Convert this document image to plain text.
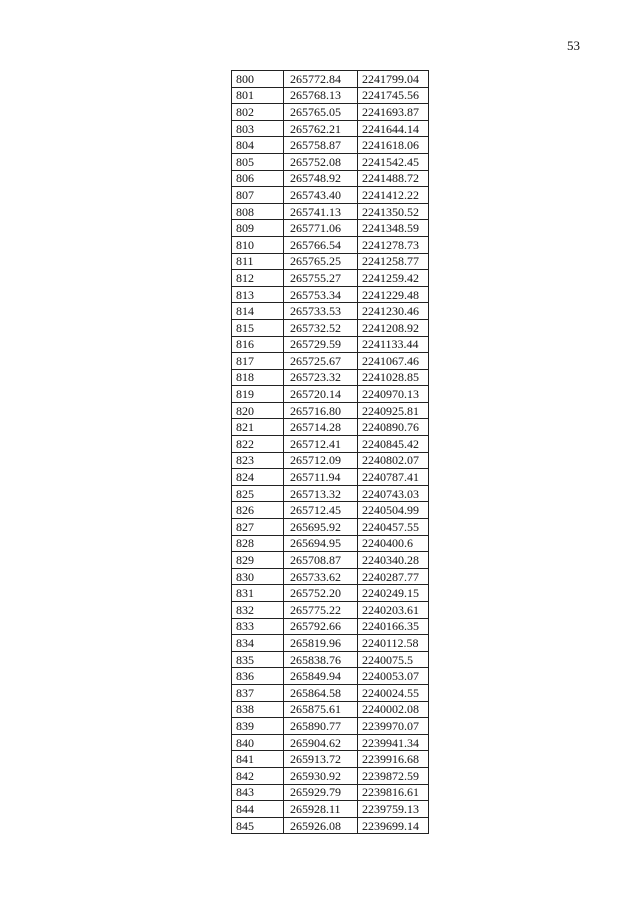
53
800	265772.84	2241799.04
801	265768.13	2241745.56
802	265765.05	2241693.87
803	265762.21	2241644.14
804	265758.87	2241618.06
805	265752.08	2241542.45
806	265748.92	2241488.72
807	265743.40	2241412.22
808	265741.13	2241350.52
809	265771.06	2241348.59
810	265766.54	2241278.73
811	265765.25	2241258.77
812	265755.27	2241259.42
813	265753.34	2241229.48
814	265733.53	2241230.46
815	265732.52	2241208.92
816	265729.59	2241133.44
817	265725.67	2241067.46
818	265723.32	2241028.85
819	265720.14	2240970.13
820	265716.80	2240925.81
821	265714.28	2240890.76
822	265712.41	2240845.42
823	265712.09	2240802.07
824	265711.94	2240787.41
825	265713.32	2240743.03
826	265712.45	2240504.99
827	265695.92	2240457.55
828	265694.95	2240400.6
829	265708.87	2240340.28
830	265733.62	2240287.77
831	265752.20	2240249.15
832	265775.22	2240203.61
833	265792.66	2240166.35
834	265819.96	2240112.58
835	265838.76	2240075.5
836	265849.94	2240053.07
837	265864.58	2240024.55
838	265875.61	2240002.08
839	265890.77	2239970.07
840	265904.62	2239941.34
841	265913.72	2239916.68
842	265930.92	2239872.59
843	265929.79	2239816.61
844	265928.11	2239759.13
845	265926.08	2239699.14
